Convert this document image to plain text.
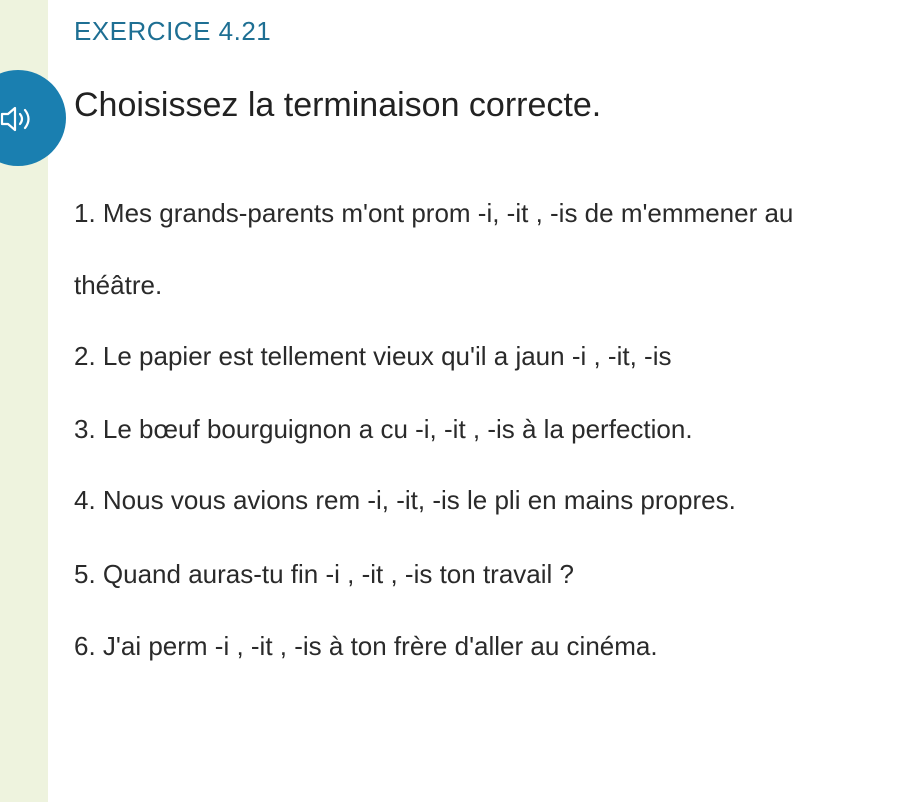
EXERCICE 4.21
Choisissez la terminaison correcte.
1. Mes grands-parents m'ont prom -i, -it , -is de m'emmener au
théâtre.
2. Le papier est tellement vieux qu'il a jaun -i , -it, -is
3. Le bœuf bourguignon a cu -i, -it , -is à la perfection.
4. Nous vous avions rem -i, -it, -is le pli en mains propres.
5. Quand auras-tu fin -i , -it , -is ton travail ?
6. J'ai perm -i , -it , -is à ton frère d'aller au cinéma.
